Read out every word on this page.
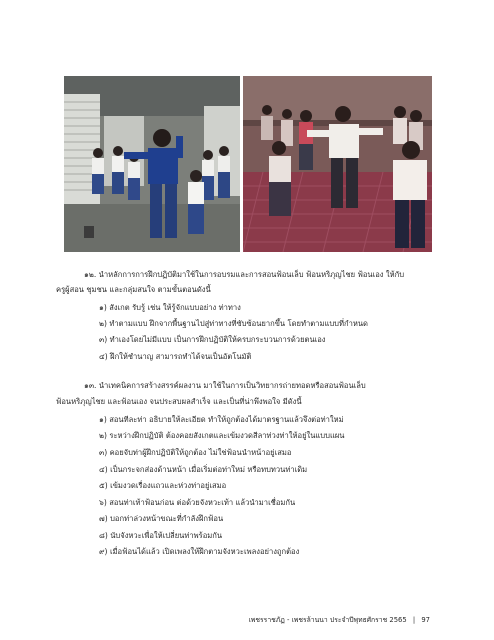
๑๒. นำหลักการการฝึกปฏิบัติมาใช้ในการอบรมและการสอนฟ้อนเล็บ ฟ้อนหริภุญไชย ฟ้อนเอง ให้กับ
ครูผู้สอน ชุมชน และกลุ่มสนใจ ตามขั้นตอนดังนี้
๑) สังเกต รับรู้ เช่น ให้รู้จักแบบอย่าง ท่าทาง
๒) ทำตามแบบ ฝึกจากพื้นฐานไปสู่ท่าทางที่ซับซ้อนยากขึ้น โดยทำตามแบบที่กำหนด
๓) ทำเองโดยไม่มีแบบ เป็นการฝึกปฏิบัติให้ครบกระบวนการด้วยตนเอง
๔) ฝึกให้ชำนาญ สามารถทำได้จนเป็นอัตโนมัติ
๑๓. นำเทคนิคการสร้างสรรค์ผลงาน มาใช้ในการเป็นวิทยากรถ่ายทอดหรือสอนฟ้อนเล็บ
ฟ้อนหริภุญไชย และฟ้อนเอง จนประสบผลสำเร็จ และเป็นที่น่าพึงพอใจ มีดังนี้
๑) สอนทีละท่า อธิบายให้ละเอียด ทำให้ถูกต้องได้มาตรฐานแล้วจึงต่อท่าใหม่
๒) ระหว่างฝึกปฏิบัติ ต้องคอยสังเกตและเข้มงวดสีลาท่วงท่าให้อยู่ในแบบแผน
๓) คอยจับท่าผู้ฝึกปฏิบัติให้ถูกต้อง ไม่ใช่ฟ้อนนำหน้าอยู่เสมอ
๔) เป็นกระจกส่องด้านหน้า เมื่อเริ่มต่อท่าใหม่ หรือทบทวนท่าเดิม
๕) เข้มงวดเรื่องแถวและห่วงท่าอยู่เสมอ
๖) สอนท่าเท้าฟ้อนก่อน ต่อด้วยจังหวะเท้า แล้วนำมาเชื่อมกัน
๗) บอกท่าล่วงหน้าขณะที่กำลังฝึกฟ้อน
๘) นับจังหวะเพื่อให้เปลี่ยนท่าพร้อมกัน
๙) เมื่อฟ้อนได้แล้ว เปิดเพลงให้ฝึกตามจังหวะเพลงอย่างถูกต้อง
เพชรราชภัฏ - เพชรล้านนา ประจำปีพุทธศักราช 2565 | 97
